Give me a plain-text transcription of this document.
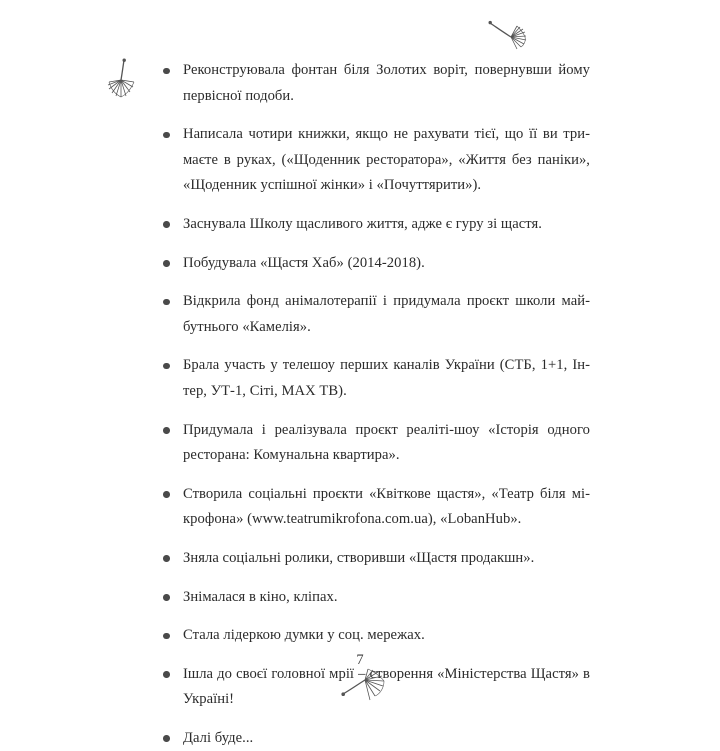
Реконструювала фонтан біля Золотих воріт, повернувши йому первісної подоби.
Написала чотири книжки, якщо не рахувати тієї, що її ви тримаєте в руках, («Щоденник ресторатора», «Життя без паніки», «Щоденник успішної жінки» і «Почуттярити»).
Заснувала Школу щасливого життя, адже є гуру зі щастя.
Побудувала «Щастя Хаб» (2014-2018).
Відкрила фонд анімалотерапії і придумала проєкт школи майбутнього «Камелія».
Брала участь у телешоу перших каналів України (СТБ, 1+1, Інтер, УТ-1, Сіті, MAX ТВ).
Придумала і реалізувала проєкт реаліті-шоу «Історія одного ресторана: Комунальна квартира».
Створила соціальні проєкти «Квіткове щастя», «Театр біля мікрофона» (www.teatrumikrofona.com.ua), «LobanHub».
Зняла соціальні ролики, створивши «Щастя продакшн».
Знімалася в кіно, кліпах.
Стала лідеркою думки у соц. мережах.
Ішла до своєї головної мрії – створення «Міністерства Щастя» в Україні!
Далі буде...
7
